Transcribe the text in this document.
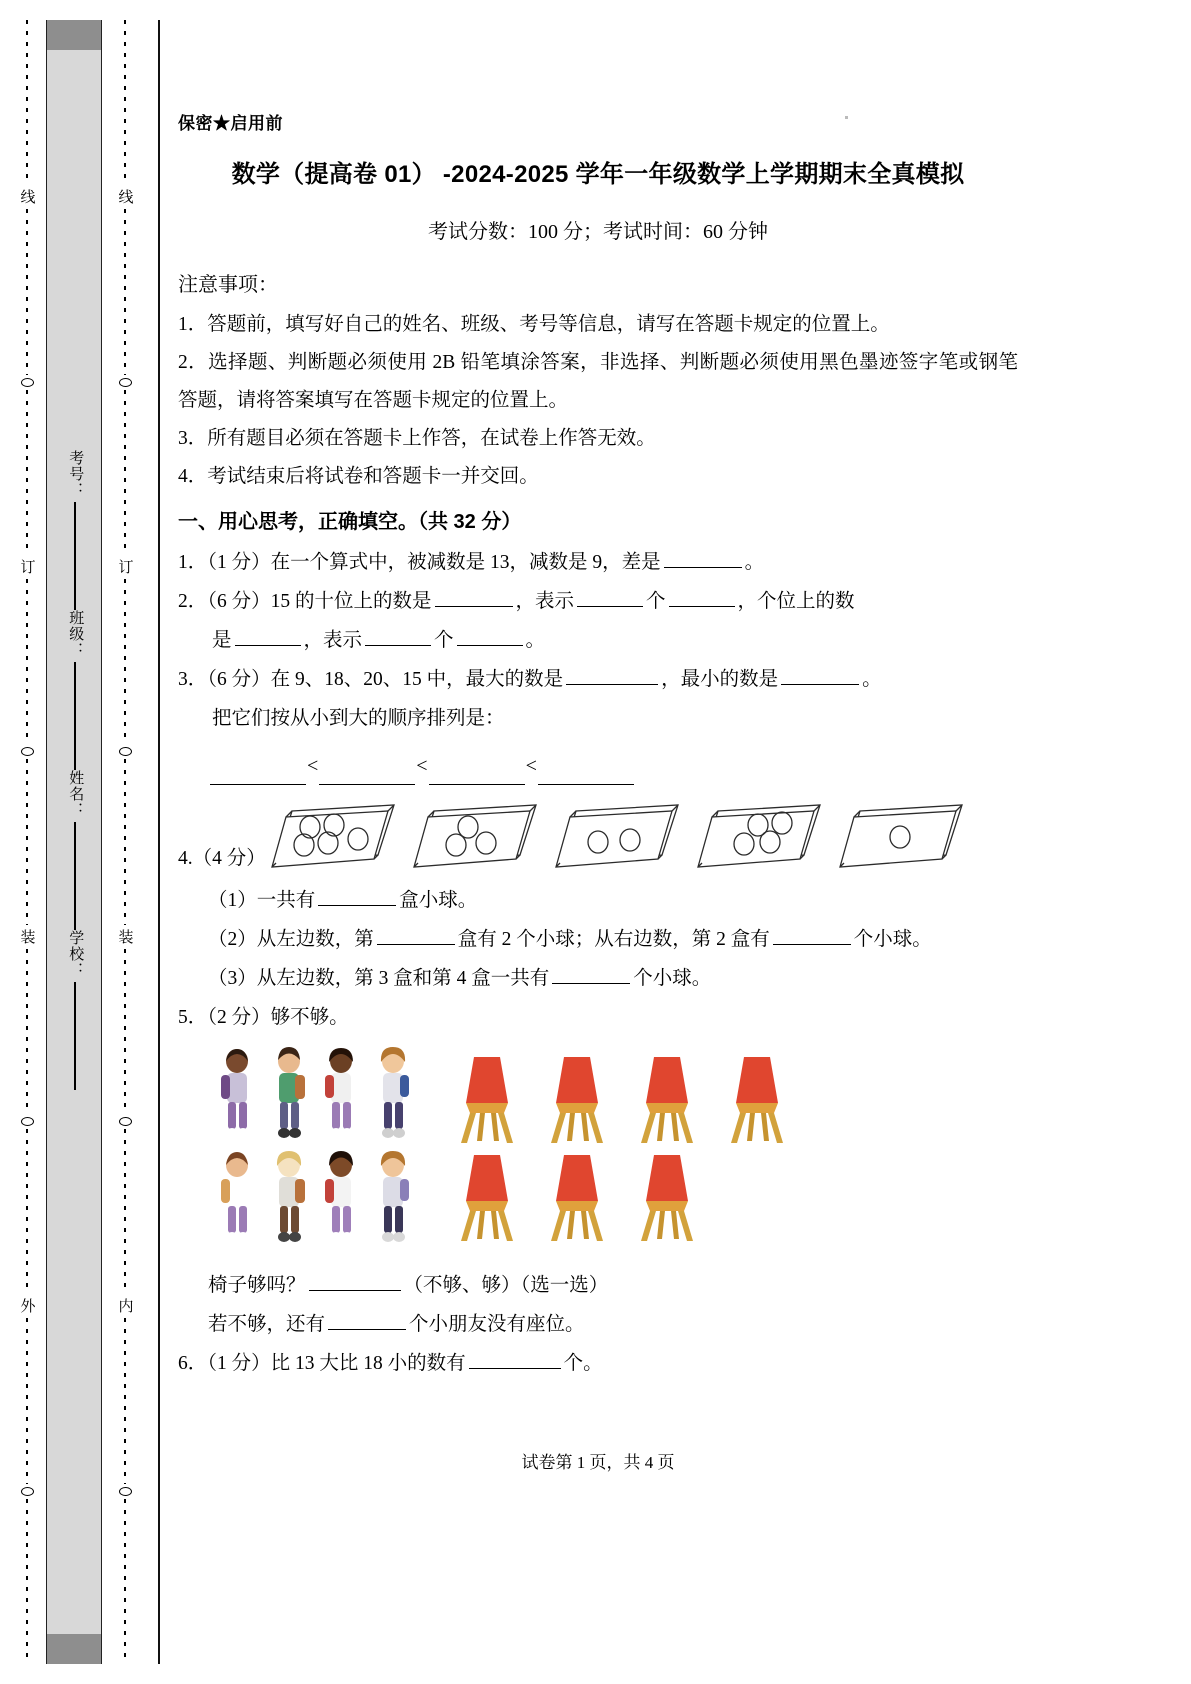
考号：
班级：
姓名：
学校：
线
订
装
外
线
订
装
内
保密★启用前
数学（提高卷 01） -2024-2025 学年一年级数学上学期期末全真模拟
考试分数：100 分；考试时间：60 分钟
注意事项：
1．答题前，填写好自己的姓名、班级、考号等信息，请写在答题卡规定的位置上。
2．选择题、判断题必须使用 2B 铅笔填涂答案，非选择、判断题必须使用黑色墨迹签字笔或钢笔答题，请将答案填写在答题卡规定的位置上。
3．所有题目必须在答题卡上作答，在试卷上作答无效。
4．考试结束后将试卷和答题卡一并交回。
一、用心思考，正确填空。（共 32 分）
1．（1 分）在一个算式中，被减数是 13，减数是 9，差是	。
2．（6 分）15 的十位上的数是	，表示	个	，个位上的数
是	，表示	个	。
3．（6 分）在 9、18、20、15 中，最大的数是	，最小的数是	。
把它们按从小到大的顺序排列是：
<	<	<
4.（4 分）
（1）一共有	盒小球。
（2）从左边数，第	盒有 2 个小球；从右边数，第 2 盒有	个小球。
（3）从左边数，第 3 盒和第 4 盒一共有	个小球。
5．（2 分）够不够。
椅子够吗？	（不够、够）（选一选）
若不够，还有	个小朋友没有座位。
6．（1 分）比 13 大比 18 小的数有	个。
试卷第 1 页，共 4 页
